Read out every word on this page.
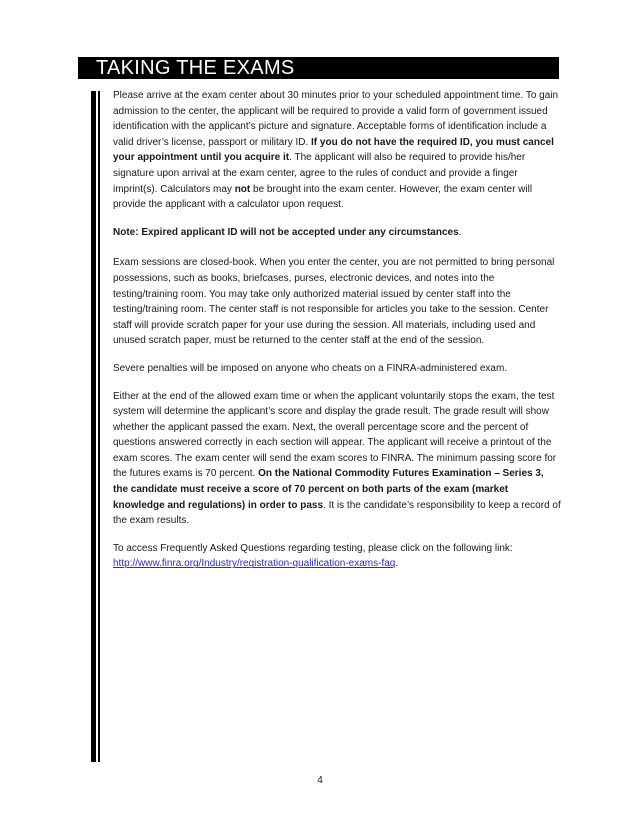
TAKING THE EXAMS

Please arrive at the exam center about 30 minutes prior to your scheduled appointment time. To gain admission to the center, the applicant will be required to provide a valid form of government issued identification with the applicant’s picture and signature. Acceptable forms of identification include a valid driver’s license, passport or military ID. If you do not have the required ID, you must cancel your appointment until you acquire it. The applicant will also be required to provide his/her signature upon arrival at the exam center, agree to the rules of conduct and provide a finger imprint(s). Calculators may not be brought into the exam center. However, the exam center will provide the applicant with a calculator upon request.

Note: Expired applicant ID will not be accepted under any circumstances.

Exam sessions are closed-book. When you enter the center, you are not permitted to bring personal possessions, such as books, briefcases, purses, electronic devices, and notes into the testing/training room. You may take only authorized material issued by center staff into the testing/training room. The center staff is not responsible for articles you take to the session. Center staff will provide scratch paper for your use during the session. All materials, including used and unused scratch paper, must be returned to the center staff at the end of the session.

Severe penalties will be imposed on anyone who cheats on a FINRA-administered exam.

Either at the end of the allowed exam time or when the applicant voluntarily stops the exam, the test system will determine the applicant’s score and display the grade result. The grade result will show whether the applicant passed the exam. Next, the overall percentage score and the percent of questions answered correctly in each section will appear. The applicant will receive a printout of the exam scores. The exam center will send the exam scores to FINRA. The minimum passing score for the futures exams is 70 percent. On the National Commodity Futures Examination – Series 3, the candidate must receive a score of 70 percent on both parts of the exam (market knowledge and regulations) in order to pass. It is the candidate’s responsibility to keep a record of the exam results.

To access Frequently Asked Questions regarding testing, please click on the following link: http://www.finra.org/Industry/registration-qualification-exams-faq.

4
